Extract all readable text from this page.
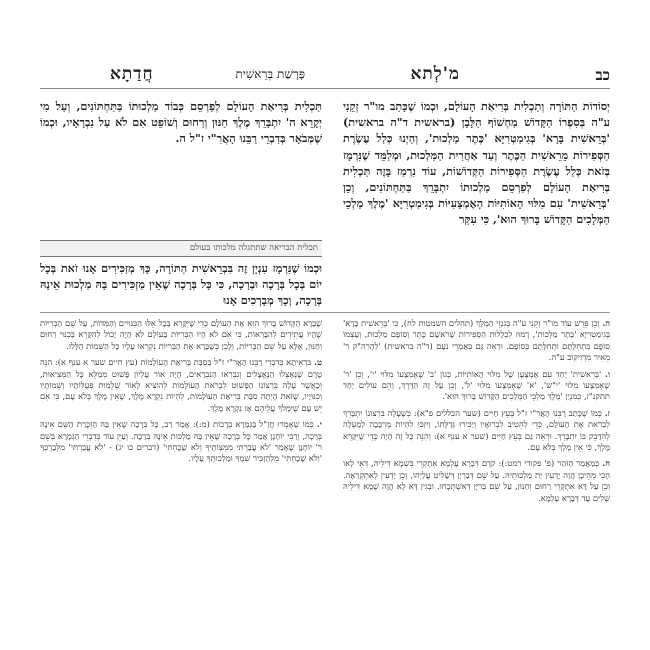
כב
מ'לְתא
פָּרָשַׁת בְּרֵאשִׁית
חֲדַתָא
יְסוֹדוֹת הַתּוֹרָה וְתַכְלִית בְּרִיאַת הָעוֹלָם, וּכְמוֹ שֶׁכָּתַב מו"ר זְקֵנִי ע"ה בְּסִפְרוֹ הַקָּדוֹשׁ מַחְשׁוֹף הַלָּבָן (בראשית ד"ה בראשית) 'בְּרֵאשִׁית בָּרָא' בְּגִימַטְרִיָּא 'כֶּתֶר מַלְכוּת', וְהַיְנוּ כְּלַל עֶשֶׂרֶת הַסְּפִירוֹת מֵרֵאשִׁית הַכֶּתֶר וְעַד אַחֲרִית הַמַּלְכוּת, וּמְלַמֵּד שֶׁנִּרְמָז בְּזֹאת כְּלַל עֶשֶׂרֶת הַסְּפִירוֹת הַקְּדוֹשׁוֹת, עוֹד נִרְמַז בָּזֶה תַּכְלִית בְּרִיאַת הָעוֹלָם לְפַרְסֵם מַלְכוּתוֹ יִתְבָּרֵךְ בַּתַּחְתּוֹנִים, וְכֵן 'בְּרֵאשִׁית' עִם מִלּוּי הָאוֹתִיּוֹת הָאֶמְצָעִיּוֹת בְּגִימַטְרִיָּא 'מֶלֶךְ מַלְכֵי הַמְּלָכִים הַקָּדוֹשׁ בָּרוּךְ הוּא', כִּי עִקַּר
תַּכְלִית בְּרִיאַת הָעוֹלָם לְפַרְסֵם כְּבוֹד מַלְכוּתוֹ בַּתַּחְתּוֹנִים, וְעַל מִי יְקָרֵא ה' יִתְבָּרֵךְ מֶלֶךְ חַנּוּן וְרַחוּם וְשׁוֹפֵט אִם לֹא עַל נִבְרָאָיו, וּכְמוֹ שֶׁמְּבֹאָר בְּדִבְרֵי רַבֵּנוּ הָאֲרִ"י ז"ל ה.
תכלית הבריאה שתתגלה מלכותו בעולם
וּכְמוֹ שֶׁנִּרְמָז עִנְיָן זֶה בִּבְרֵאשִׁית הַתּוֹרָה, כָּךְ מְזַכִּירִים אָנוּ זֹאת בְּכָל יוֹם בְּכָל בְּרָכָה וּבְרָכָה, כִּי כָּל בְּרָכָה שֶׁאֵין מַזְכִּירִים בָּהּ מַלְכוּת אֵינָהּ בְּרָכָה, וְכָךְ מְבָרְכִים אָנוּ

ה. וְכֵן פֵּרֵשׁ עוֹד מו"ר זְקֵנִי ע"ה בְּגִנְזֵי הַמֶּלֶךְ (תהלים השמטות לח), כִּי 'בְּרֵאשִׁית בָּרָא' בְּגִימַטְרִיָּא 'כֶּתֶר מַלְכוּת', רָמוּז לִכְלָלוּת הַסְּפִירוֹת שֶׁרֹאשָׁם כֶּתֶר וְסוֹפָם מַלְכוּת, וְעַצְמוֹ סוֹפָם בִּתְחִלָּתָם וּתְחִלָּתָם בְּסוֹפָם. וּרְאֵה גַּם בְּאַמְרֵי נֹעַם (ד"ה בראשית) 'לְהָרה"ק ר' מֵאִיר מִדְּזִיקוֹב ע"ה.

ו. 'בְּרֵאשִׁית' יַחַד עִם אֶמְצָעָן שֶׁל מִלּוּי הָאוֹתִיּוֹת, כְּגוֹן 'ב' שֶׁאֶמְצָעוֹ מִלּוּי 'י', וְכֵן 'ר' שֶׁאֶמְצָעוֹ מִלּוּי 'י"ש', 'א' שֶׁאֶמְצָעוֹ מִלּוּי 'ל', וְכֵן עַל זֶה הַדֶּרֶךְ, וְהֵם עוֹלִים יַחַד תתקנ"ז, כְּמִנְיַן 'מֶלֶךְ מַלְכֵי הַמְּלָכִים הַקָּדוֹשׁ בָּרוּךְ הוּא'.

ז. כְּמוֹ שֶׁכָּתַב רַבֵּנוּ הָאֲרִ"י ז"ל בְּעֵץ חַיִּים (שער הכללים פ"א): כְּשֶׁעָלָה בִּרְצוֹנוֹ יִתְבָּרֵךְ לִבְרֹאת אֶת הָעוֹלָם, כְּדֵי לְהֵטִיב לִבְרוּאָיו וְיַכִּירוּ גְּדֻלָּתוֹ, וְיִזְכּוּ לִהְיוֹת מֶרְכָּבָה לְמַעְלָה לְהִדָּבֵק בּוֹ יִתְבָּרֵךְ. וּרְאֵה גַּם בְּעֵץ חַיִּים (שער א ענף א): וְהִנֵּה כָּל זֶה הָיָה כְּדֵי שֶׁיִּקָּרֵא מֶלֶךְ, כִּי אֵין מֶלֶךְ בְּלֹא עָם.

ח. כְּמַאֲמַר הַזֹּהַר (פ' פקודי רמט:): קֹדֶם דִּבְרָא עָלְמָא אִתְקְרֵי בִּשְׁמָא דִּילֵיהּ, דְּאִי לָאו הָכִי מֵהֵיכָן הֲוָה יָדְעִין יַת מַלְכוּתֵיהּ. עַל שֵׁם דְּבַרְיָן דְּשָׁלִיט עֲלַיְהוּ, וְכֵן יָדְעִין לְאִתְקְרָאָה. וְכֵן עַל דָּא אִתְקְרֵי רַחוּם וְחַנּוּן, עַל שֵׁם בְּרִיָּן דְּאִשְׁתְּכָחוּ. וּבְגִין דָּא לָא הֲוָה שְׁמָא דִּילֵיהּ שְׁלִים עַד דְּבָרָא עָלְמָא.

שֶׁבָּרָא הַקָּדוֹשׁ בָּרוּךְ הוּא אֶת הָעוֹלָם כְּדֵי שֶׁיִּקָּרֵא בְּכָל אֵלּוּ הַכִּנּוּיִים וְהַמִּדּוֹת, עַל שֵׁם הַבְּרִיּוֹת שֶׁהָיוּ עֲתִידִים לְהִבָּרְאוֹת, כִּי אִם לֹא הָיוּ הַבְּרִיּוֹת בָּעוֹלָם לֹא הָיָה יָכוֹל לְהִקָּרֵא בְּכִנּוּי רַחוּם וְחַנּוּן, אֶלָּא עַל שֵׁם הַבְּרִיּוֹת, וְלָכֵן כְּשֶׁבָּרָא אֶת הַבְּרִיּוֹת נִקְרְאוּ עָלָיו כָּל הַשֵּׁמוֹת הַלָּלוּ.

ט. כִּדְאִיתָא בְּדִבְרֵי רַבֵּנוּ הָאֲרִ"י ז"ל בְּסִבַּת בְּרִיאַת הָעוֹלָמוֹת (עץ חיים שער א ענף א): הִנֵּה טֶרֶם שֶׁנֶּאֶצְלוּ הַנֶּאֱצָלִים וְנִבְרְאוּ הַנִּבְרָאִים, הָיָה אוֹר עֶלְיוֹן פָּשׁוּט מְמַלֵּא כָּל הַמְּצִיאוּת, וְכַאֲשֶׁר עָלָה בִּרְצוֹנוֹ הַפָּשׁוּט לִבְרֹאת הָעוֹלָמוֹת לְהוֹצִיא לָאוֹר שְׁלֵמוּת פְּעֻלּוֹתָיו וְשֵׁמוֹתָיו וְכִנּוּיָיו, שֶׁזֹּאת הָיְתָה סִבַּת בְּרִיאַת הָעוֹלָמוֹת, לִהְיוֹת נִקְרָא מֶלֶךְ, שֶׁאֵין מֶלֶךְ בְּלֹא עָם, כִּי אִם יֵשׁ עָם שֶׁיִּמְלֹךְ עֲלֵיהֶם אָז נִקְרָא מֶלֶךְ.

י. כְּמוֹ שֶׁאָמְרוּ חֲזַ"ל בַּגְּמָרָא בְּרָכוֹת (מ:): אָמַר רַב, כָּל בְּרָכָה שֶׁאֵין בָּהּ הַזְכָּרַת הַשֵּׁם אֵינָהּ בְּרָכָה, וְרַבִּי יוֹחָנָן אָמַר כָּל בְּרָכָה שֶׁאֵין בָּהּ מַלְכוּת אֵינָהּ בְּרָכָה. וְעַיֵּן עוֹד בְּדִבְרֵי הַגְּמָרָא בְּשֵׁם ר' יוֹחָנָן שֶׁאָמַר 'לֹא עֲבַרְתִּי מִמִּצְוֹתֶיךָ וְלֹא שָׁכָחְתִּי' (דברים כו יג) - 'לֹא עֲבַרְתִּי' מִלְּבָרֶכְךָ 'וְלֹא שָׁכָחְתִּי' מִלְּהַזְכִּיר שִׁמְךָ וּמַלְכוּתְךָ עָלָיו.
